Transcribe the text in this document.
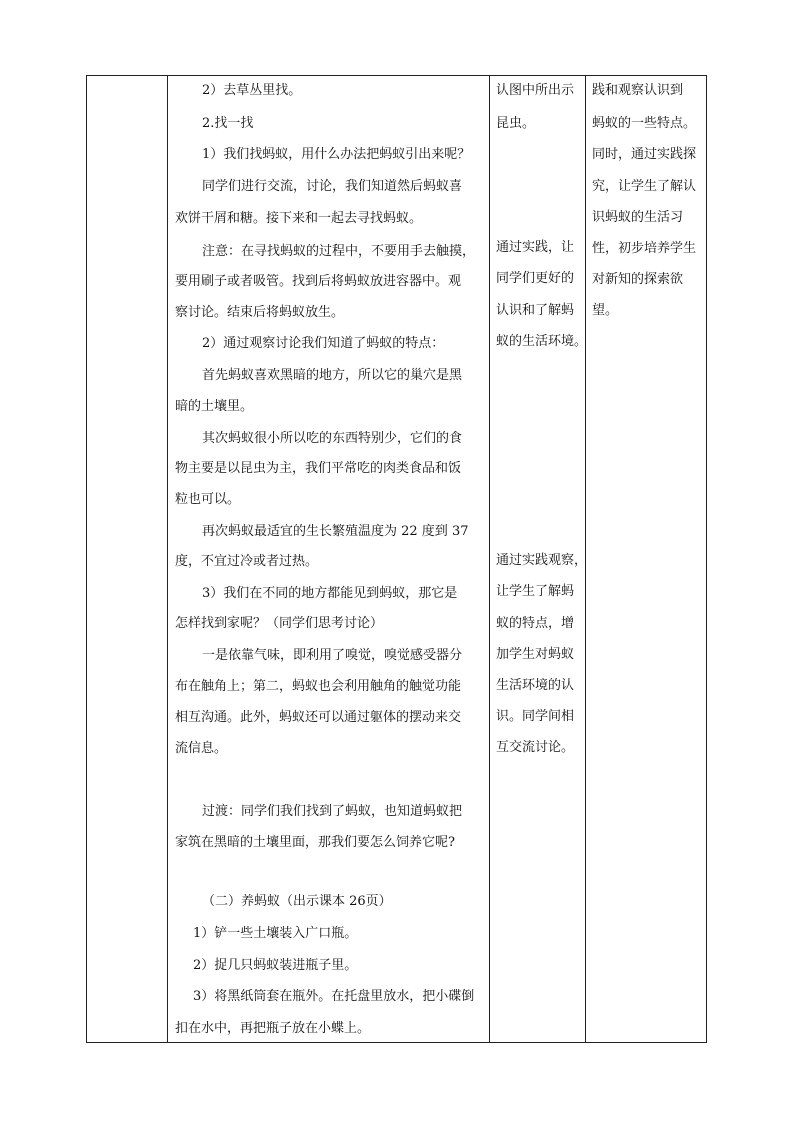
2）去草丛里找。
2.找一找
1）我们找蚂蚁，用什么办法把蚂蚁引出来呢？
同学们进行交流，讨论，我们知道然后蚂蚁喜
欢饼干屑和糖。接下来和一起去寻找蚂蚁。
注意：在寻找蚂蚁的过程中，不要用手去触摸，
要用刷子或者吸管。找到后将蚂蚁放进容器中。观
察讨论。结束后将蚂蚁放生。
2）通过观察讨论我们知道了蚂蚁的特点：
首先蚂蚁喜欢黑暗的地方，所以它的巢穴是黑
暗的土壤里。
其次蚂蚁很小所以吃的东西特别少，它们的食
物主要是以昆虫为主，我们平常吃的肉类食品和饭
粒也可以。
再次蚂蚁最适宜的生长繁殖温度为 22 度到 37
度，不宜过冷或者过热。
3）我们在不同的地方都能见到蚂蚁，那它是
怎样找到家呢？（同学们思考讨论）
一是依靠气味，即利用了嗅觉，嗅觉感受器分
布在触角上；第二，蚂蚁也会利用触角的触觉功能
相互沟通。此外，蚂蚁还可以通过躯体的摆动来交
流信息。
过渡：同学们我们找到了蚂蚁，也知道蚂蚁把
家筑在黑暗的土壤里面，那我们要怎么饲养它呢?
（二）养蚂蚁（出示课本 26页）
1）铲一些土壤装入广口瓶。
2）捉几只蚂蚁装进瓶子里。
3）将黑纸筒套在瓶外。在托盘里放水，把小碟倒
扣在水中，再把瓶子放在小蝶上。
认图中所出示
昆虫。
通过实践，让
同学们更好的
认识和了解蚂
蚁的生活环境。
通过实践观察，
让学生了解蚂
蚁的特点，增
加学生对蚂蚁
生活环境的认
识。同学间相
互交流讨论。
践和观察认识到
蚂蚁的一些特点。
同时，通过实践探
究，让学生了解认
识蚂蚁的生活习
性，初步培养学生
对新知的探索欲
望。
